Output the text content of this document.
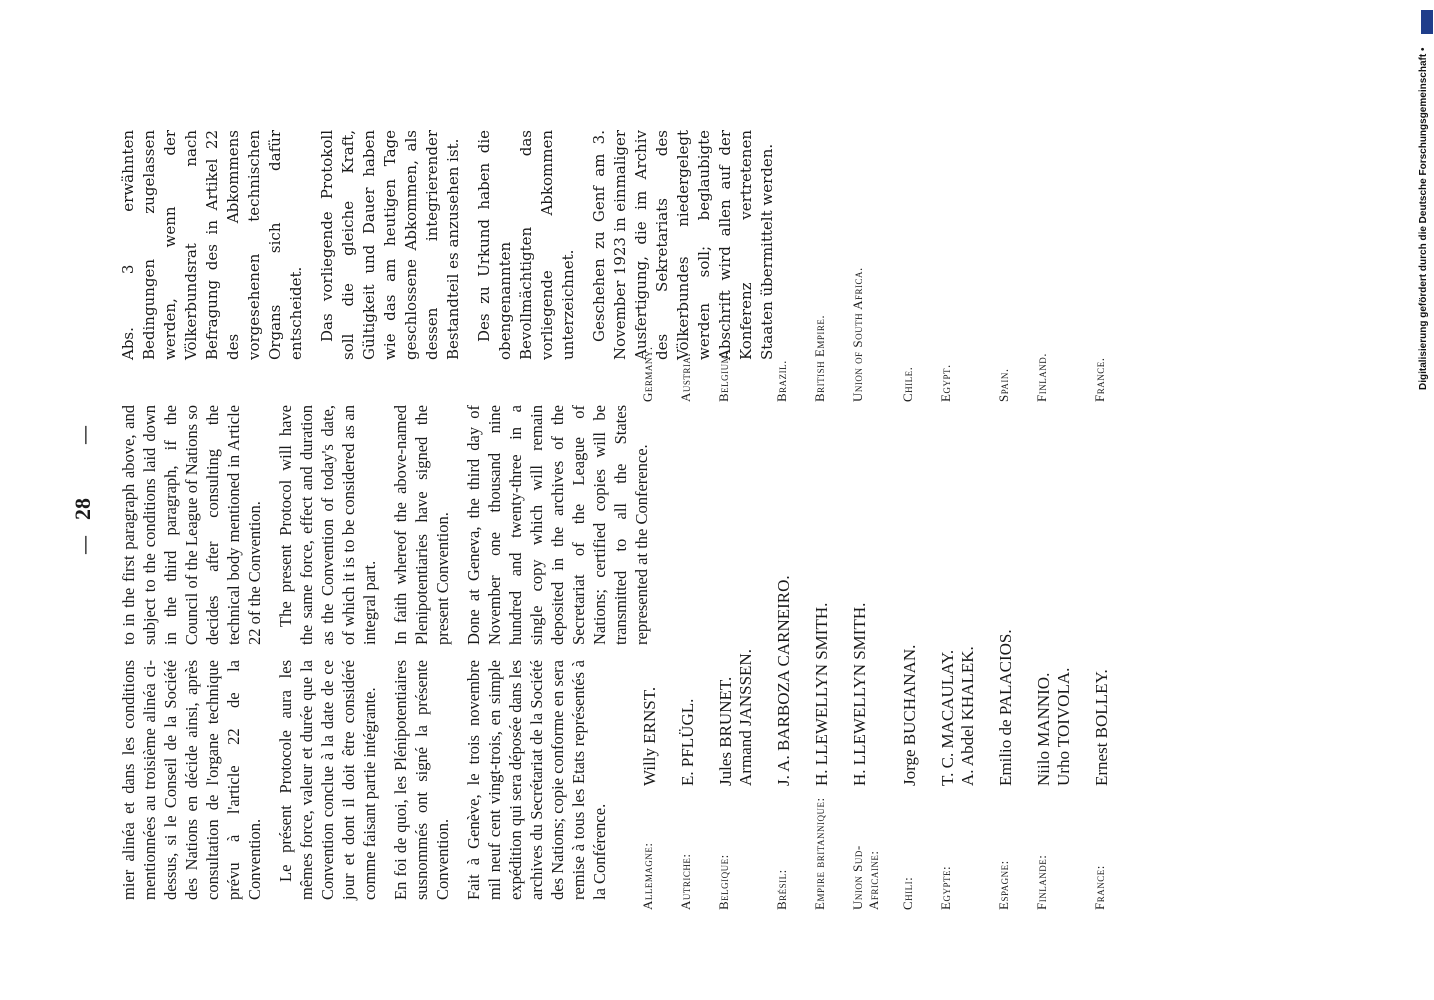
—
28
—

mier alinéa et dans les conditions mentionnées au troisième alinéa ci-dessus, si le Conseil de la Société des Nations en décide ainsi, après consultation de l'organe technique prévu à l'article 22 de la Convention. Le présent Protocole aura les mêmes force, valeur et durée que la Convention conclue à la date de ce jour et dont il doit être considéré comme faisant partie intégrante. En foi de quoi, les Plénipotentiaires susnommés ont signé la présente Convention. Fait à Genève, le trois novembre mil neuf cent vingt-trois, en simple expédition qui sera déposée dans les archives du Secrétariat de la Société des Nations; copie conforme en sera remise à tous les Etats représentés à la Conférence.

to in the first paragraph above, and subject to the conditions laid down in the third paragraph, if the Council of the League of Nations so decides after consulting the technical body mentioned in Article 22 of the Convention. The present Protocol will have the same force, effect and duration as the Convention of today's date, of which it is to be considered as an integral part. In faith whereof the above-named Plenipotentiaries have signed the present Convention. Done at Geneva, the third day of November one thousand nine hundred and twenty-three in a single copy which will remain deposited in the archives of the Secretariat of the League of Nations; certified copies will be transmitted to all the States represented at the Conference.

Abs. 3 erwähnten Bedingungen zugelassen werden, wenn der Völkerbundsrat nach Befragung des in Artikel 22 des Abkommens vorgesehenen technischen Organs sich dafür entscheidet. Das vorliegende Protokoll soll die gleiche Kraft, Gültigkeit und Dauer haben wie das am heutigen Tage geschlossene Abkommen, als dessen integrierender Bestandteil es anzusehen ist. Des zu Urkund haben die obengenannten Bevollmächtigten das vorliegende Abkommen unterzeichnet. Geschehen zu Genf am 3. November 1923 in einmaliger Ausfertigung, die im Archiv des Sekretariats des Völkerbundes niedergelegt werden soll; beglaubigte Abschrift wird allen auf der Konferenz vertretenen Staaten übermittelt werden.

Allemagne:
Willy ERNST.
Germany.
Autriche:
E. PFLÜGL.
Austria.
Belgique:
Jules BRUNET. Armand JANSSEN.
Belgium.
Brésil:
J. A. BARBOZA CARNEIRO.
Brazil.
Empire britannique:
H. LLEWELLYN SMITH.
British Empire.
Union Sud-Africaine:
H. LLEWELLYN SMITH.
Union of South Africa.
Chili:
Jorge BUCHANAN.
Chile.
Egypte:
T. C. MACAULAY. A. Abdel KHALEK.
Egypt.
Espagne:
Emilio de PALACIOS.
Spain.
Finlande:
Niilo MANNIO. Urho TOIVOLA.
Finland.
France:
Ernest BOLLEY.
France.	Digitalisierung gefördert durch die Deutsche Forschungsgemeinschaft •
